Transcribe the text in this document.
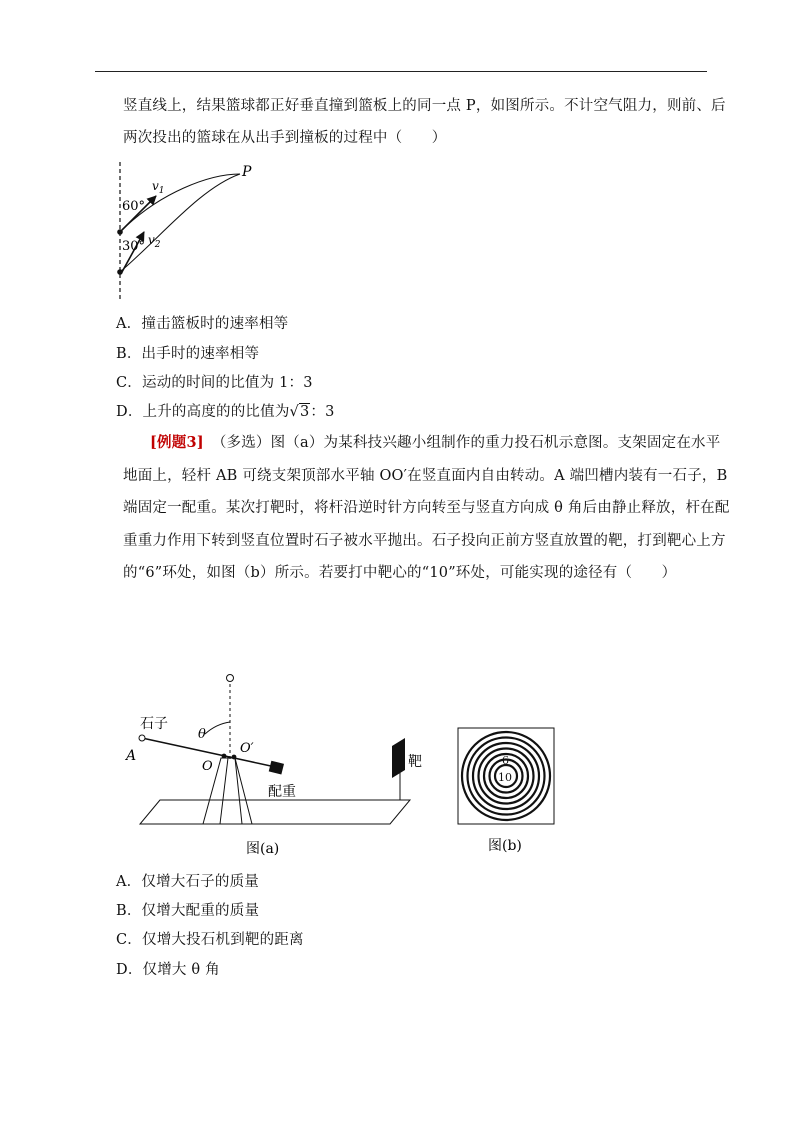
竖直线上，结果篮球都正好垂直撞到篮板上的同一点 P，如图所示。不计空气阻力，则前、后
两次投出的篮球在从出手到撞板的过程中（　　）
P
$v_1$
$v_2$
60°
30°
A．撞击篮板时的速率相等
B．出手时的速率相等
C．运动的时间的比值为 1：3
D．上升的高度的的比值为√3：3
[例题3] （多选）图（a）为某科技兴趣小组制作的重力投石机示意图。支架固定在水平
地面上，轻杆 AB 可绕支架顶部水平轴 OO′在竖直面内自由转动。A 端凹槽内装有一石子，B
端固定一配重。某次打靶时，将杆沿逆时针方向转至与竖直方向成 θ 角后由静止释放，杆在配
重重力作用下转到竖直位置时石子被水平抛出。石子投向正前方竖直放置的靶，打到靶心上方
的“6”环处，如图（b）所示。若要打中靶心的“10”环处，可能实现的途径有（　　）
石子
A
θ
O
O′
配重
靶
图(a)
6
10
图(b)
A．仅增大石子的质量
B．仅增大配重的质量
C．仅增大投石机到靶的距离
D．仅增大 θ 角
